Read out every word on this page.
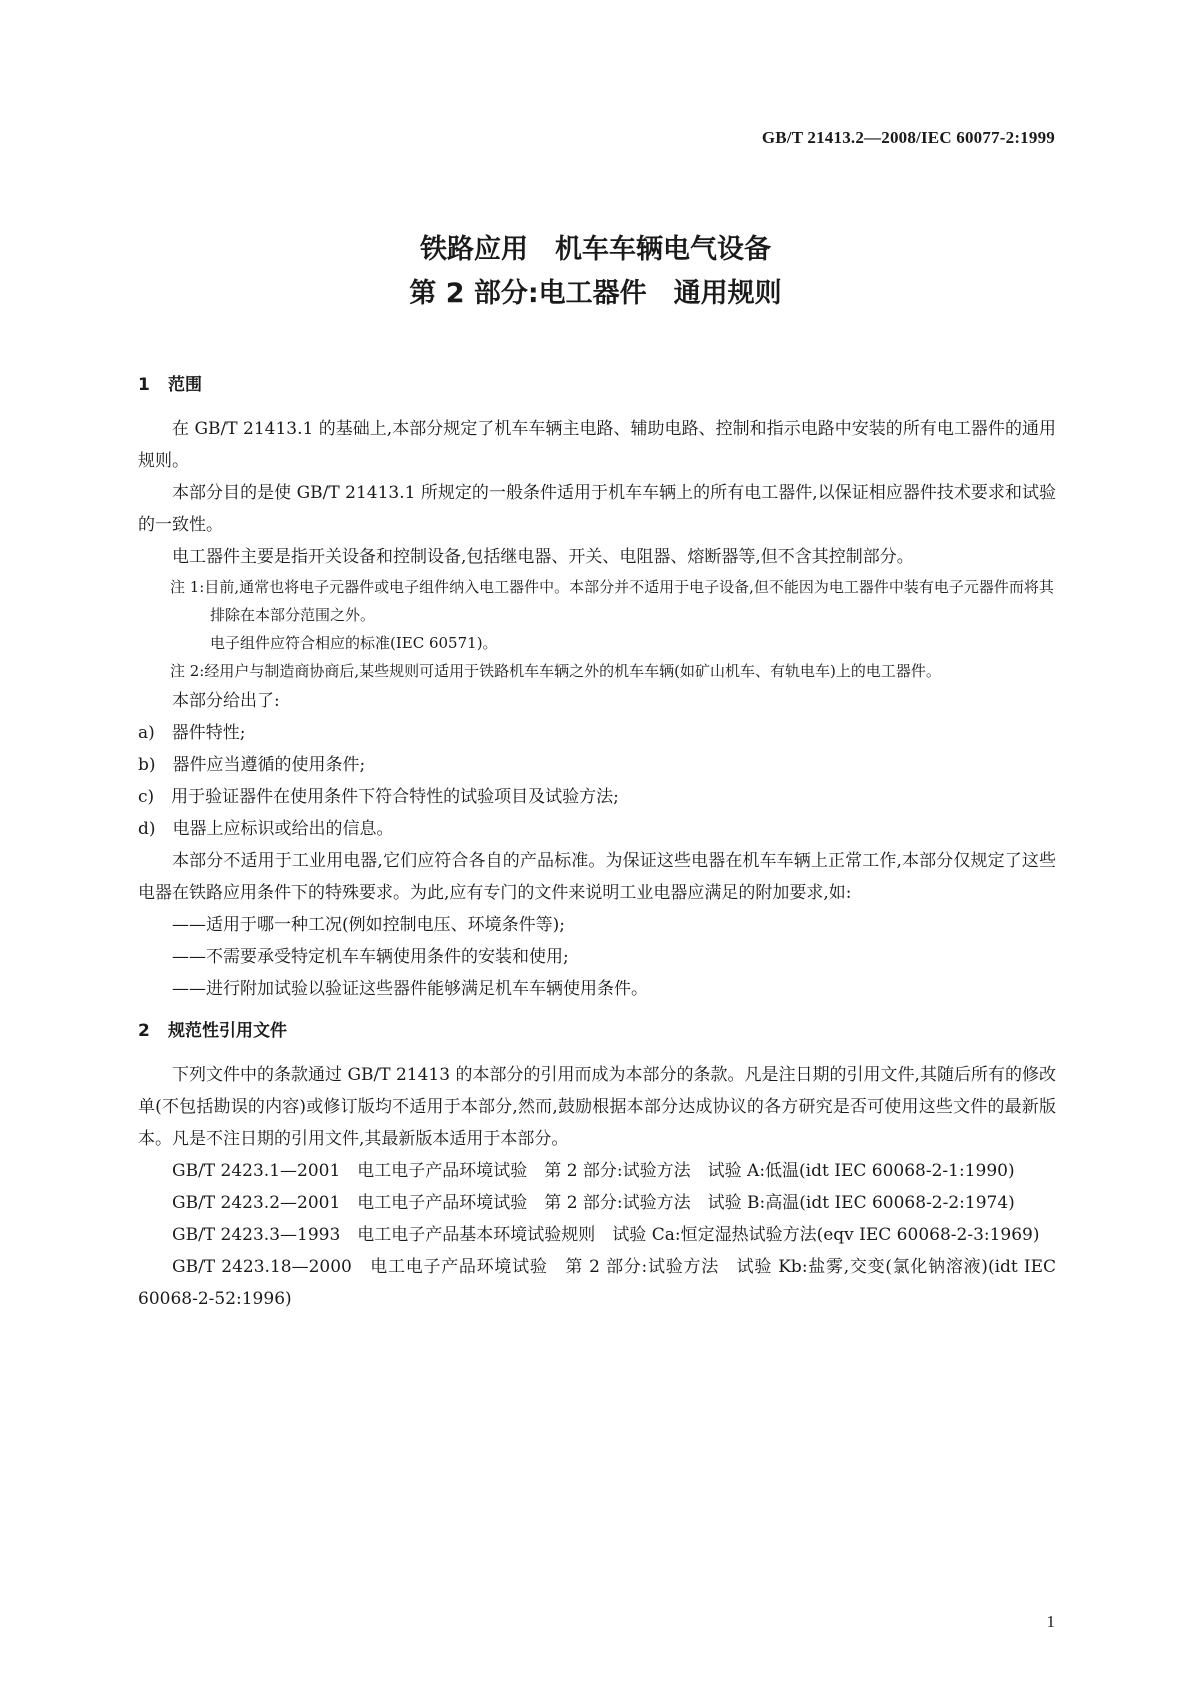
GB/T 21413.2—2008/IEC 60077-2:1999
铁路应用　机车车辆电气设备
第 2 部分:电工器件　通用规则
1 范围

在 GB/T 21413.1 的基础上,本部分规定了机车车辆主电路、辅助电路、控制和指示电路中安装的所有电工器件的通用规则。

本部分目的是使 GB/T 21413.1 所规定的一般条件适用于机车车辆上的所有电工器件,以保证相应器件技术要求和试验的一致性。

电工器件主要是指开关设备和控制设备,包括继电器、开关、电阻器、熔断器等,但不含其控制部分。

注 1:目前,通常也将电子元器件或电子组件纳入电工器件中。本部分并不适用于电子设备,但不能因为电工器件中装有电子元器件而将其排除在本部分范围之外。

电子组件应符合相应的标准(IEC 60571)。

注 2:经用户与制造商协商后,某些规则可适用于铁路机车车辆之外的机车车辆(如矿山机车、有轨电车)上的电工器件。

本部分给出了:

a)　器件特性;

b)　器件应当遵循的使用条件;

c)　用于验证器件在使用条件下符合特性的试验项目及试验方法;

d)　电器上应标识或给出的信息。

本部分不适用于工业用电器,它们应符合各自的产品标准。为保证这些电器在机车车辆上正常工作,本部分仅规定了这些电器在铁路应用条件下的特殊要求。为此,应有专门的文件来说明工业电器应满足的附加要求,如:

——适用于哪一种工况(例如控制电压、环境条件等);

——不需要承受特定机车车辆使用条件的安装和使用;

——进行附加试验以验证这些器件能够满足机车车辆使用条件。

2 规范性引用文件

下列文件中的条款通过 GB/T 21413 的本部分的引用而成为本部分的条款。凡是注日期的引用文件,其随后所有的修改单(不包括勘误的内容)或修订版均不适用于本部分,然而,鼓励根据本部分达成协议的各方研究是否可使用这些文件的最新版本。凡是不注日期的引用文件,其最新版本适用于本部分。

GB/T 2423.1—2001　电工电子产品环境试验　第 2 部分:试验方法　试验 A:低温(idt IEC 60068-2-1:1990)

GB/T 2423.2—2001　电工电子产品环境试验　第 2 部分:试验方法　试验 B:高温(idt IEC 60068-2-2:1974)

GB/T 2423.3—1993　电工电子产品基本环境试验规则　试验 Ca:恒定湿热试验方法(eqv IEC 60068-2-3:1969)

GB/T 2423.18—2000　电工电子产品环境试验　第 2 部分:试验方法　试验 Kb:盐雾,交变(氯化钠溶液)(idt IEC 60068-2-52:1996)

1
